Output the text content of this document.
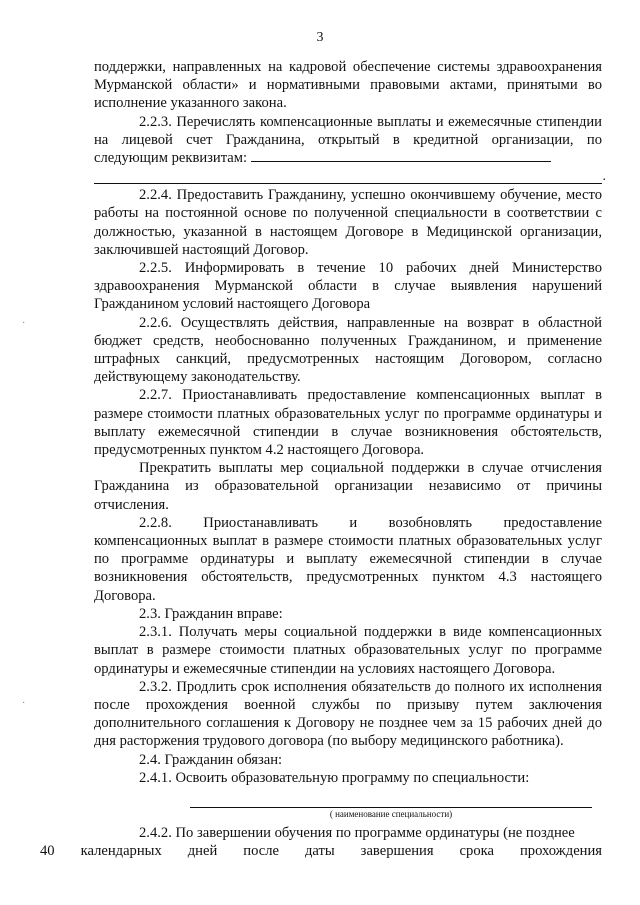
3
·
·

поддержки, направленных на кадровой обеспечение системы здравоохранения Мурманской области» и нормативными правовыми актами, принятыми во исполнение указанного закона.

2.2.3. Перечислять компенсационные выплаты и ежемесячные стипендии на лицевой счет Гражданина, открытый в кредитной организации, по следующим реквизитам:

.

2.2.4. Предоставить Гражданину, успешно окончившему обучение, место работы на постоянной основе по полученной специальности в соответствии с должностью, указанной в настоящем Договоре в Медицинской организации, заключившей настоящий Договор.

2.2.5. Информировать в течение 10 рабочих дней Министерство здравоохранения Мурманской области в случае выявления нарушений Гражданином условий настоящего Договора

2.2.6. Осуществлять действия, направленные на возврат в областной бюджет средств, необоснованно полученных Гражданином, и применение штрафных санкций, предусмотренных настоящим Договором, согласно действующему законодательству.

2.2.7. Приостанавливать предоставление компенсационных выплат в размере стоимости платных образовательных услуг по программе ординатуры и выплату ежемесячной стипендии в случае возникновения обстоятельств, предусмотренных пунктом 4.2 настоящего Договора.

Прекратить выплаты мер социальной поддержки в случае отчисления Гражданина из образовательной организации независимо от причины отчисления.

2.2.8. Приостанавливать и возобновлять предоставление компенсационных выплат в размере стоимости платных образовательных услуг по программе ординатуры и выплату ежемесячной стипендии в случае возникновения обстоятельств, предусмотренных пунктом 4.3 настоящего Договора.

2.3. Гражданин вправе:

2.3.1. Получать меры социальной поддержки в виде компенсационных выплат в размере стоимости платных образовательных услуг по программе ординатуры и ежемесячные стипендии на условиях настоящего Договора.

2.3.2. Продлить срок исполнения обязательств до полного их исполнения после прохождения военной службы по призыву путем заключения дополнительного соглашения к Договору не позднее чем за 15 рабочих дней до дня расторжения трудового договора (по выбору медицинского работника).

2.4. Гражданин обязан:

2.4.1. Освоить образовательную программу по специальности:

( наименование специальности)

2.4.2. По завершении обучения по программе ординатуры (не позднее

40 календарных дней после даты завершения срока прохождения
